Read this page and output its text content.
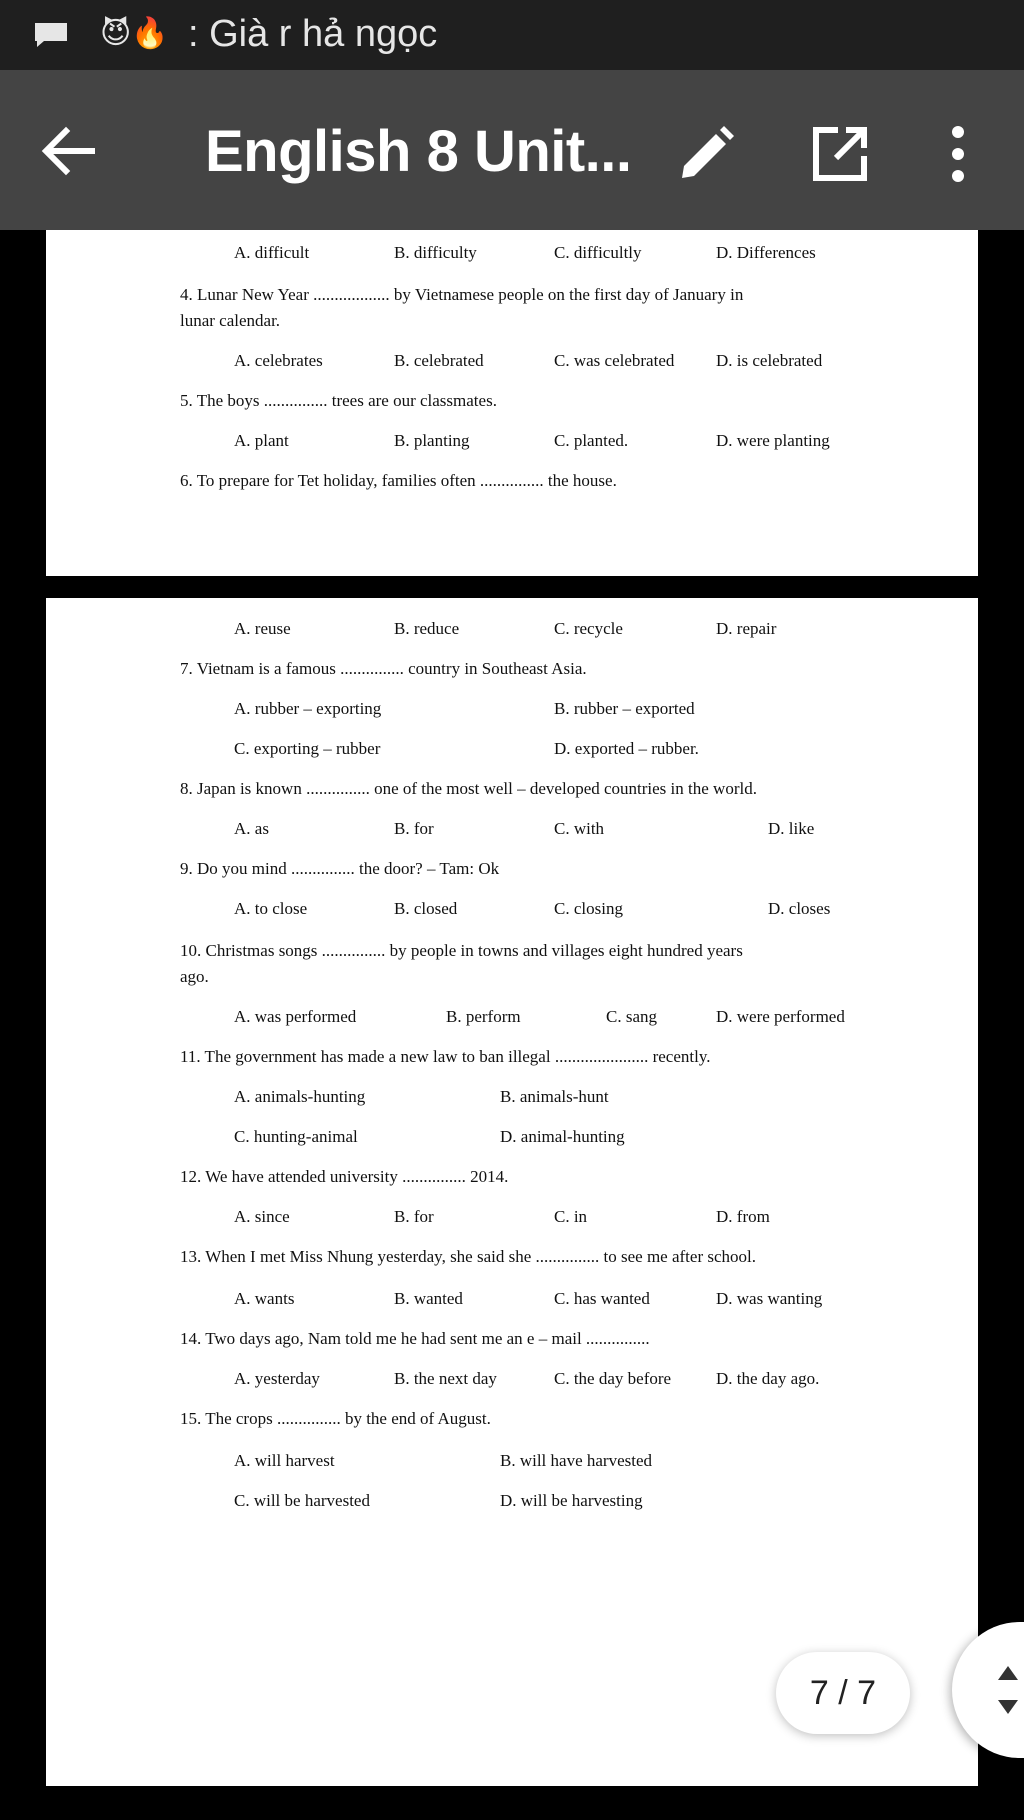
😈🔥 : Già r hả ngọc
English 8 Unit...
A. difficult	B. difficulty	C. difficultly	D. Differences
4. Lunar New Year .................. by Vietnamese people on the first day of January in
lunar calendar.
A. celebrates	B. celebrated	C. was celebrated D. is celebrated
5. The boys ............... trees are our classmates.
A. plant	B. planting	C. planted.	D. were planting
6. To prepare for Tet holiday, families often ............... the house.
A. reuse	B. reduce	C. recycle	D. repair
7. Vietnam is a famous ............... country in Southeast Asia.
A. rubber – exporting	B. rubber – exported
C. exporting – rubber	D. exported – rubber.
8. Japan is known ............... one of the most well – developed countries in the world.
A. as	B. for	C. with	D. like
9. Do you mind ............... the door? – Tam: Ok
A. to close	B. closed	C. closing	D. closes
10. Christmas songs ............... by people in towns and villages eight hundred years
ago.
A. was performed	B. perform	C. sang	D. were performed
11. The government has made a new law to ban illegal ...................... recently.
A. animals-hunting	B. animals-hunt
C. hunting-animal	D. animal-hunting
12. We have attended university ............... 2014.
A. since	B. for	C. in	D. from
13. When I met Miss Nhung yesterday, she said she ............... to see me after school.
A. wants	B. wanted	C. has wanted	D. was wanting
14. Two days ago, Nam told me he had sent me an e – mail ...............
A. yesterday	B. the next day	C. the day before	D. the day ago.
15. The crops ............... by the end of August.
A. will harvest	B. will have harvested
C. will be harvested	D. will be harvesting
7 / 7
